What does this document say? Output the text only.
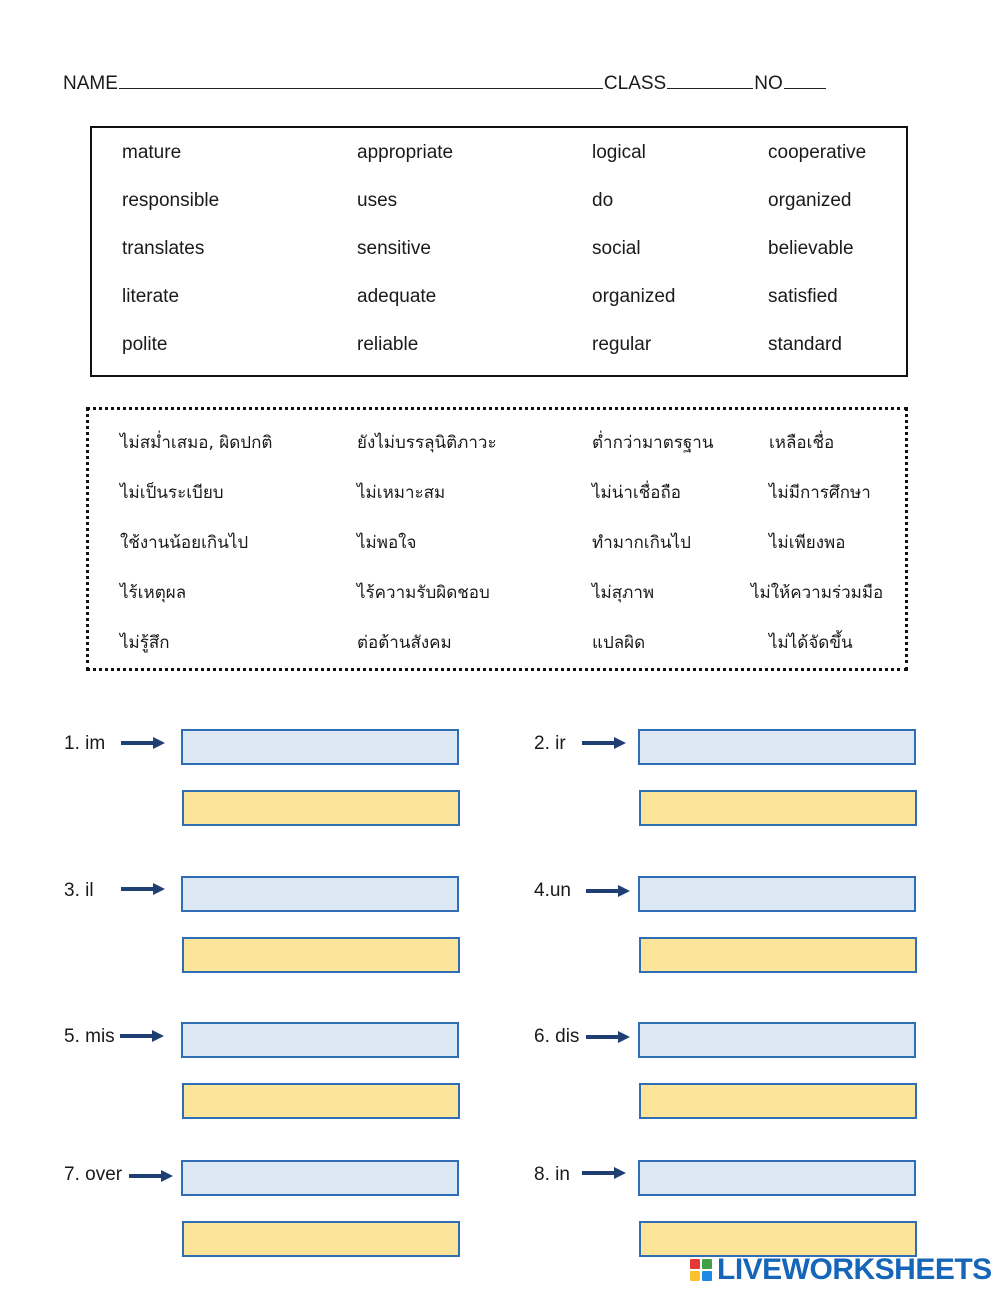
NAME	CLASS	NO
mature	appropriate	logical	cooperative
responsible	uses	do	organized
translates	sensitive	social	believable
literate	adequate	organized	satisfied
polite	reliable	regular	standard
ไม่สม่ำเสมอ, ผิดปกติ	ยังไม่บรรลุนิติภาวะ	ต่ำกว่ามาตรฐาน	เหลือเชื่อ
ไม่เป็นระเบียบ	ไม่เหมาะสม	ไม่น่าเชื่อถือ	ไม่มีการศึกษา
ใช้งานน้อยเกินไป	ไม่พอใจ	ทำมากเกินไป	ไม่เพียงพอ
ไร้เหตุผล	ไร้ความรับผิดชอบ	ไม่สุภาพ	ไม่ให้ความร่วมมือ
ไม่รู้สึก	ต่อต้านสังคม	แปลผิด	ไม่ได้จัดขึ้น
1. im	2. ir
3. il	4.un
5. mis	6. dis
7. over	8. in
LIVEWORKSHEETS
